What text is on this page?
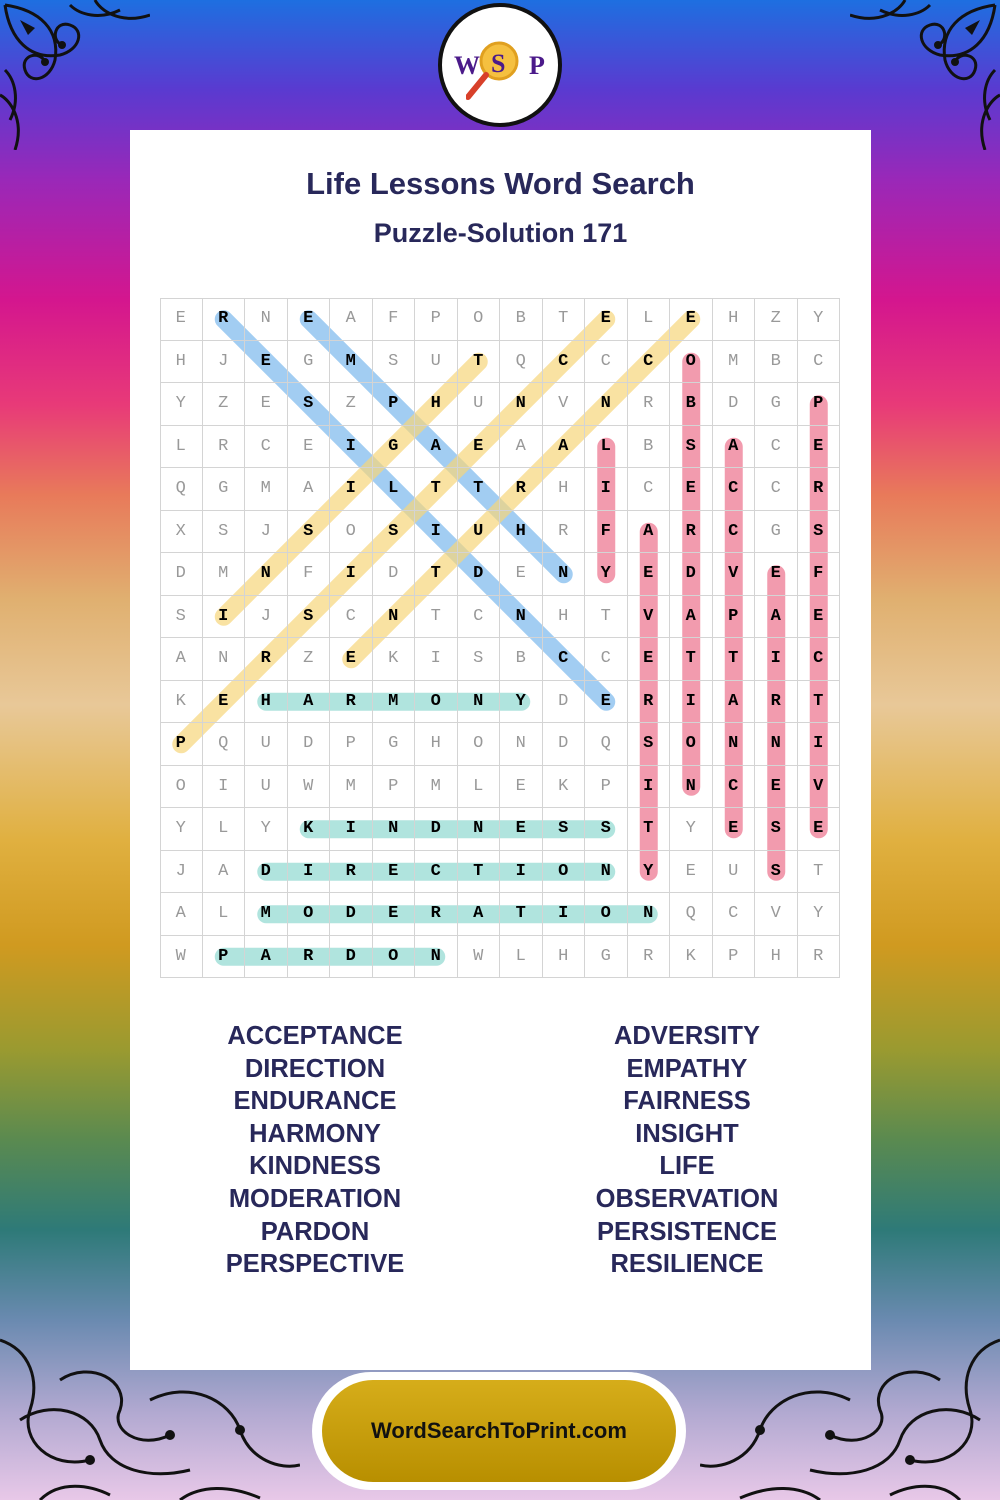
W S P
Life Lessons Word Search
Puzzle-Solution 171
E	R	N	E	A	F	P	O	B	T	E	L	E	H	Z	Y
H	J	E	G	M	S	U	T	Q	C	C	C	O	M	B	C
Y	Z	E	S	Z	P	H	U	N	V	N	R	B	D	G	P
L	R	C	E	I	G	A	E	A	A	L	B	S	A	C	E
Q	G	M	A	I	L	T	T	R	H	I	C	E	C	C	R
X	S	J	S	O	S	I	U	H	R	F	A	R	C	G	S
D	M	N	F	I	D	T	D	E	N	Y	E	D	V	E	F
S	I	J	S	C	N	T	C	N	H	T	V	A	P	A	E
A	N	R	Z	E	K	I	S	B	C	C	E	T	T	I	C
K	E	H	A	R	M	O	N	Y	D	E	R	I	A	R	T
P	Q	U	D	P	G	H	O	N	D	Q	S	O	N	N	I
O	I	U	W	M	P	M	L	E	K	P	I	N	C	E	V
Y	L	Y	K	I	N	D	N	E	S	S	T	Y	E	S	E
J	A	D	I	R	E	C	T	I	O	N	Y	E	U	S	T
A	L	M	O	D	E	R	A	T	I	O	N	Q	C	V	Y
W	P	A	R	D	O	N	W	L	H	G	R	K	P	H	R
ACCEPTANCE
DIRECTION
ENDURANCE
HARMONY
KINDNESS
MODERATION
PARDON
PERSPECTIVE
ADVERSITY
EMPATHY
FAIRNESS
INSIGHT
LIFE
OBSERVATION
PERSISTENCE
RESILIENCE
WordSearchToPrint.com
